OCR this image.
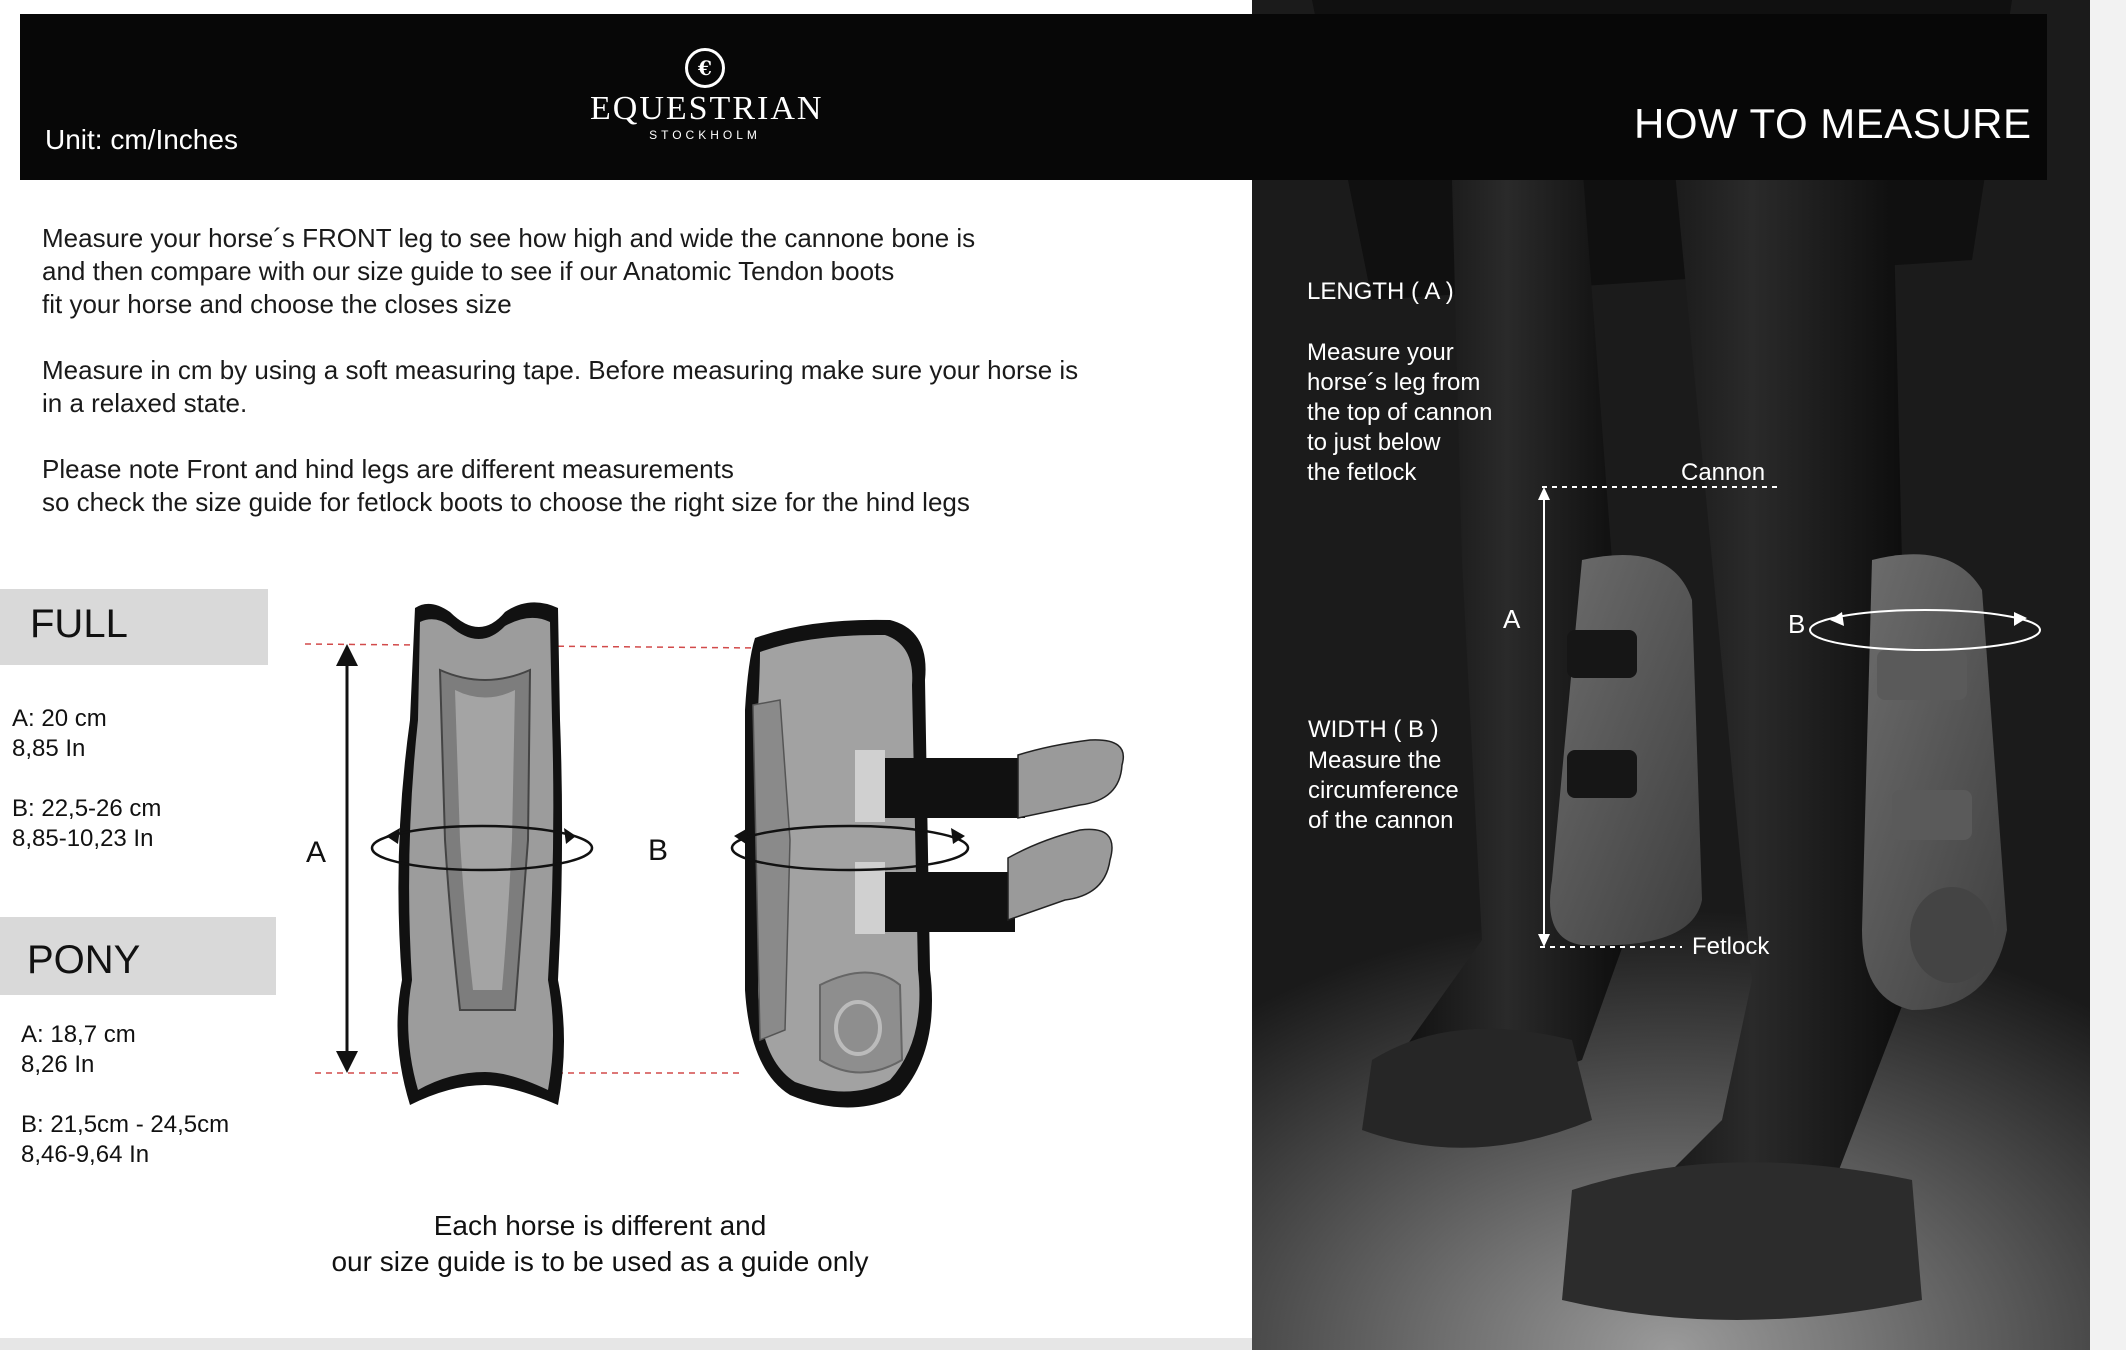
Unit: cm/Inches
€
EQUESTRIAN
STOCKHOLM	HOW TO MEASURE
Measure your horse´s FRONT leg to see how high and wide the cannone bone is
and then compare with our size guide to see if our Anatomic Tendon boots
fit your horse and choose the closes size
Measure in cm by using a soft measuring tape. Before measuring make sure your horse is
in a relaxed state.
Please note Front and hind legs are different measurements
so check the size guide for fetlock boots to choose the right size for the hind legs
FULL
A: 20 cm
8,85 In
B: 22,5-26 cm
8,85-10,23 In
PONY
A: 18,7 cm
8,26 In
B: 21,5cm - 24,5cm
8,46-9,64 In
A	B
Each horse is different and
our size guide is to be used as a guide only
LENGTH ( A )
Measure your
horse´s leg from
the top of cannon
to just below
the fetlock
WIDTH ( B )
Measure the
circumference
of the cannon
Cannon
Fetlock
A	B
